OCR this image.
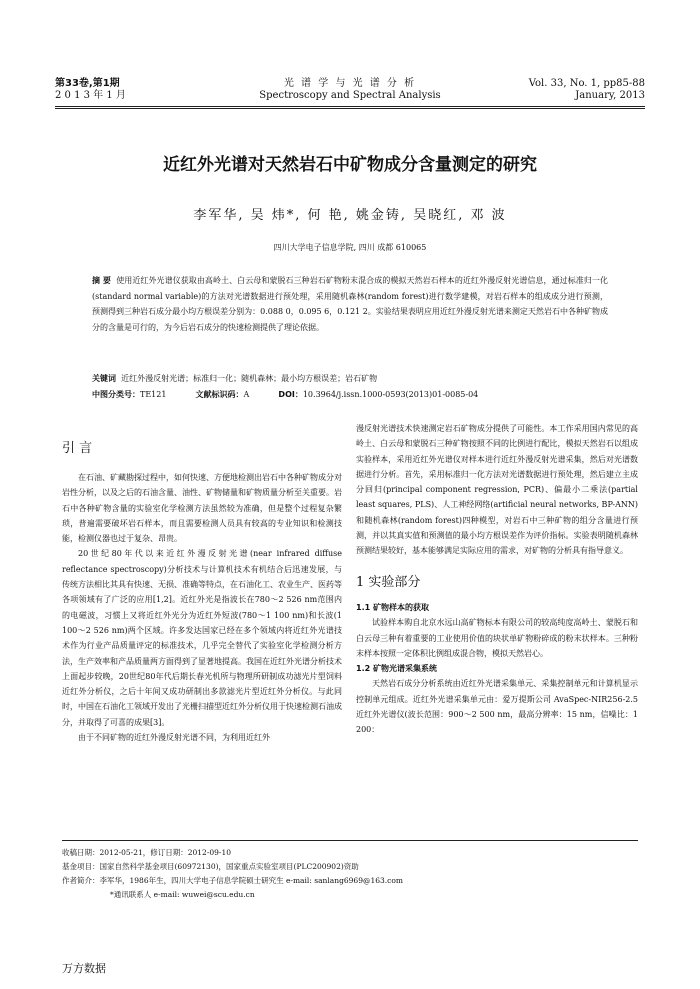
第33卷,第1期
2 0 1 3 年 1 月
光 谱 学 与 光 谱 分 析
Spectroscopy and Spectral Analysis
Vol. 33, No. 1, pp85-88
January, 2013
近红外光谱对天然岩石中矿物成分含量测定的研究
李军华, 吴 炜*, 何 艳, 姚金铸, 吴晓红, 邓 波
四川大学电子信息学院, 四川 成都 610065
摘 要 使用近红外光谱仪获取由高岭土、白云母和蒙脱石三种岩石矿物粉末混合成的模拟天然岩石样本的近红外漫反射光谱信息，通过标准归一化(standard normal variable)的方法对光谱数据进行预处理，采用随机森林(random forest)进行数学建模，对岩石样本的组成成分进行预测，预测得到三种岩石成分最小均方根误差分别为：0.088 0，0.095 6，0.121 2。实验结果表明应用近红外漫反射光谱来测定天然岩石中各种矿物成分的含量是可行的，为今后岩石成分的快速检测提供了理论依据。
关键词 近红外漫反射光谱；标准归一化；随机森林；最小均方根误差；岩石矿物
中图分类号：TE121	文献标识码：A	DOI：10.3964/j.issn.1000-0593(2013)01-0085-04
引 言

在石油、矿藏勘探过程中，如何快速、方便地检测出岩石中各种矿物成分对岩性分析，以及之后的石油含量、油性、矿物储量和矿物质量分析至关重要。岩石中各种矿物含量的实验室化学检测方法虽然较为准确，但是整个过程复杂繁琐，普遍需要破坏岩石样本，而且需要检测人员具有较高的专业知识和检测技能，检测仪器也过于复杂、昂贵。

20世纪80年代以来近红外漫反射光谱(near infrared diffuse reflectance spectroscopy)分析技术与计算机技术有机结合后迅速发展，与传统方法相比其具有快速、无损、准确等特点，在石油化工、农业生产、医药等各项领域有了广泛的应用[1,2]。近红外光是指波长在780～2 526 nm范围内的电磁波，习惯上又将近红外光分为近红外短波(780～1 100 nm)和长波(1 100～2 526 nm)两个区域。许多发达国家已经在多个领域内将近红外光谱技术作为行业产品质量评定的标准技术，几乎完全替代了实验室化学检测分析方法，生产效率和产品质量两方面得到了显著地提高。我国在近红外光谱分析技术上面起步较晚，20世纪80年代后期长春光机所与物理所研制成功滤光片型饲料近红外分析仪，之后十年间又成功研制出多款滤光片型近红外分析仪。与此同时，中国在石油化工领域开发出了光栅扫描型近红外分析仪用于快速检测石油成分，并取得了可喜的成果[3]。

由于不同矿物的近红外漫反射光谱不同，为利用近红外

漫反射光谱技术快速测定岩石矿物成分提供了可能性。本工作采用国内常见的高岭土、白云母和蒙脱石三种矿物按照不同的比例进行配比，模拟天然岩石以组成实验样本，采用近红外光谱仪对样本进行近红外漫反射光谱采集，然后对光谱数据进行分析。首先，采用标准归一化方法对光谱数据进行预处理，然后建立主成分回归(principal component regression, PCR)、偏最小二乘法(partial least squares, PLS)、人工神经网络(artificial neural networks, BP-ANN)和随机森林(random forest)四种模型，对岩石中三种矿物的组分含量进行预测，并以其真实值和预测值的最小均方根误差作为评价指标。实验表明随机森林预测结果较好，基本能够满足实际应用的需求，对矿物的分析具有指导意义。

1 实验部分
1.1 矿物样本的获取

试验样本购自北京水远山高矿物标本有限公司的较高纯度高岭土、蒙脱石和白云母三种有着重要的工业使用价值的块状单矿物粉碎成的粉末状样本。三种粉末样本按照一定体积比例组成混合物，模拟天然岩心。

1.2 矿物光谱采集系统

天然岩石成分分析系统由近红外光谱采集单元、采集控制单元和计算机显示控制单元组成。近红外光谱采集单元由：爱万提斯公司 AvaSpec-NIR256-2.5 近红外光谱仪(波长范围：900～2 500 nm，最高分辨率：15 nm，信噪比：1 200：

收稿日期：2012-05-21，修订日期：2012-09-10
基金项目：国家自然科学基金项目(60972130)，国家重点实验室项目(PLC200902)资助
作者简介：李军华，1986年生，四川大学电子信息学院硕士研究生 e-mail: sanlang6969@163.com
*通讯联系人 e-mail: wuwei@scu.edu.cn
万方数据
